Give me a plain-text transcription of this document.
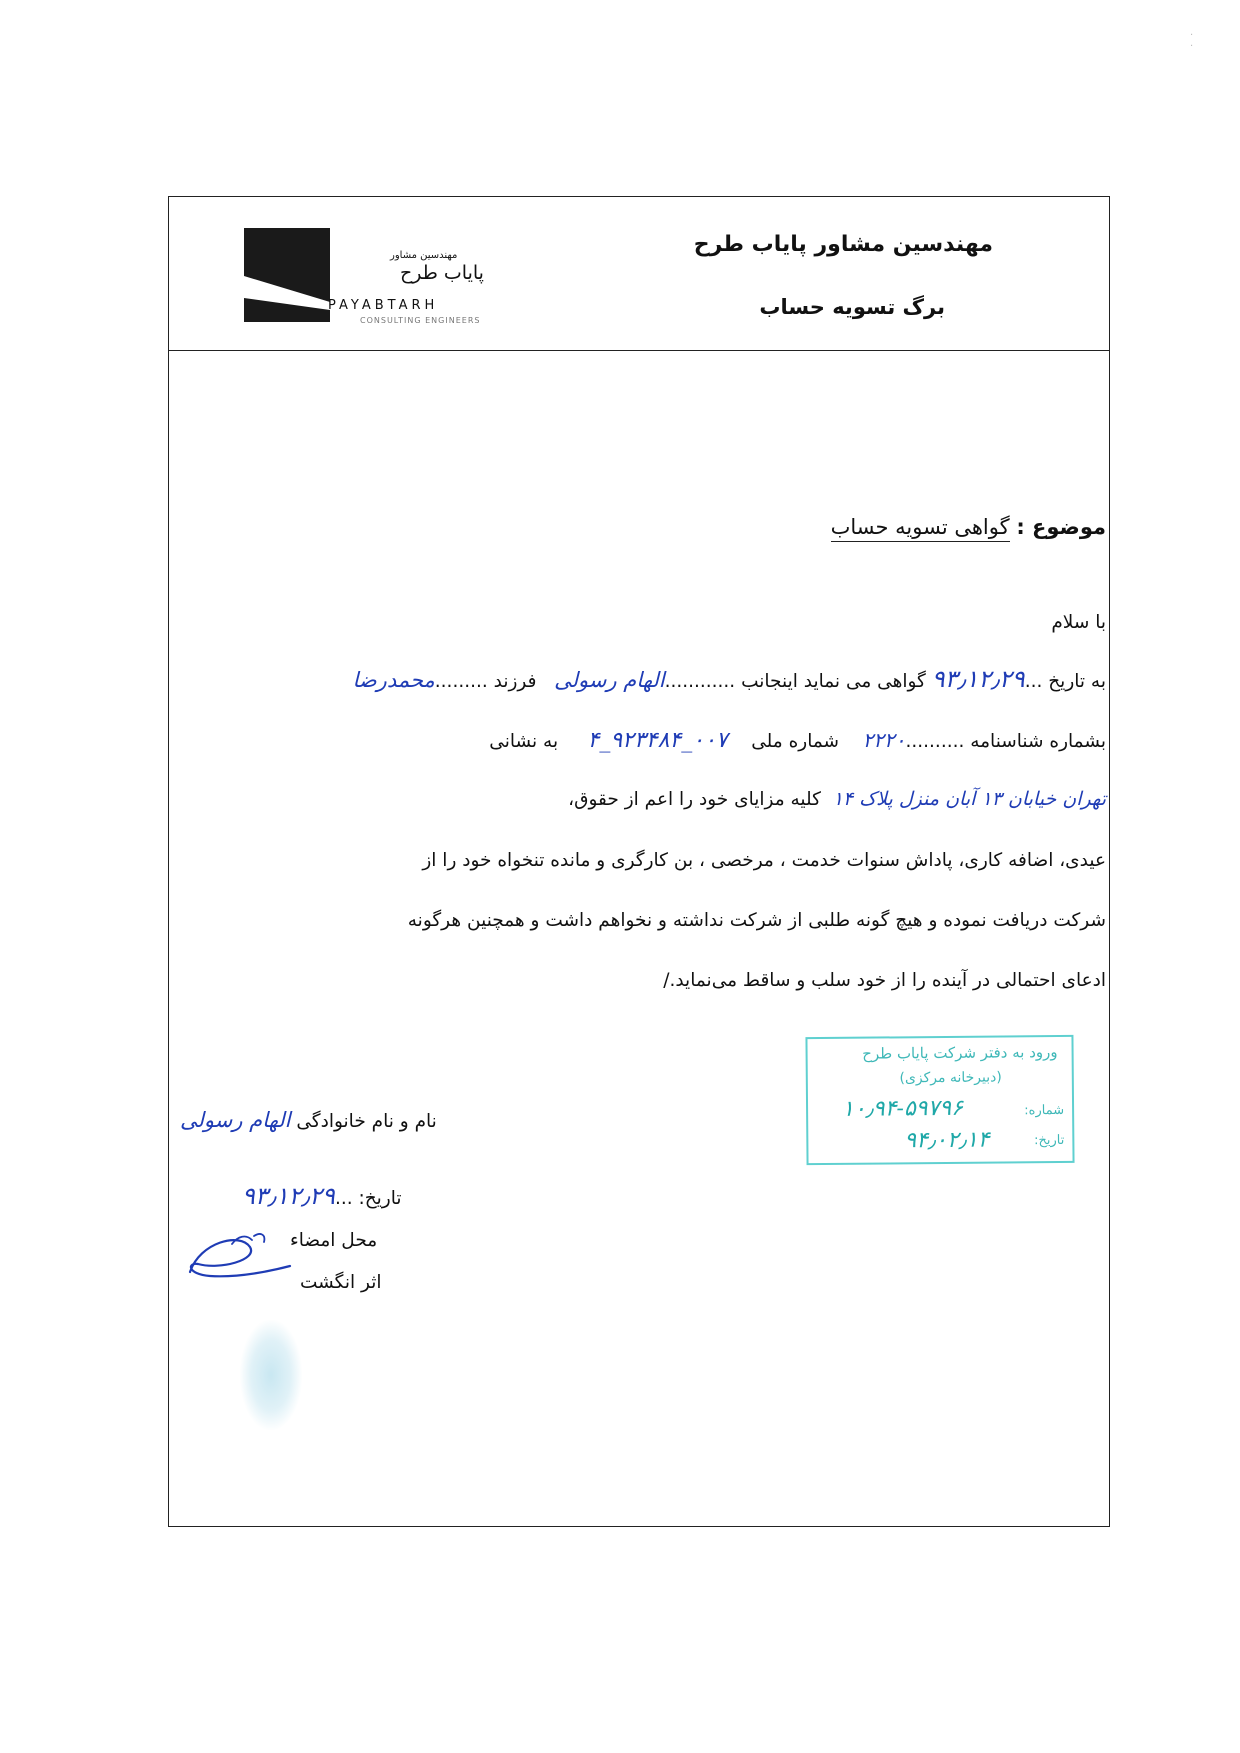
·
·
مهندسین مشاور پایاب طرح
برگ تسویه حساب
مهندسین مشاور
پایاب طرح
PAYABTARH
CONSULTING ENGINEERS
موضوع : گواهی تسویه حساب
با سلام
به تاریخ ...۹۳٫۱۲٫۲۹ گواهی می نماید اینجانب ............الهام رسولی   فرزند .........محمدرضا
بشماره شناسنامه ..........۲۲۲۰    شماره ملی    ۰۰۷_۹۲۳۴۸۴_۴     به نشانی
تهران خیابان ۱۳ آبان منزل پلاک ۱۴  کلیه مزایای خود را اعم از حقوق،
عیدی، اضافه کاری، پاداش سنوات خدمت ، مرخصی ، بن کارگری و مانده تنخواه خود را از
شرکت دریافت نموده و هیچ گونه طلبی از شرکت نداشته و نخواهم داشت و همچنین هرگونه
ادعای احتمالی در آینده را از خود سلب و ساقط می‌نماید./
ورود به دفتر شرکت پایاب طرح
(دبیرخانه مرکزی)
شماره:
۱۰٫۹۴-۵۹۷۹۶
تاریخ:
۹۴٫۰۲٫۱۴
نام و نام خانوادگی الهام رسولی
تاریخ: ...۹۳٫۱۲٫۲۹
محل امضاء
اثر انگشت
